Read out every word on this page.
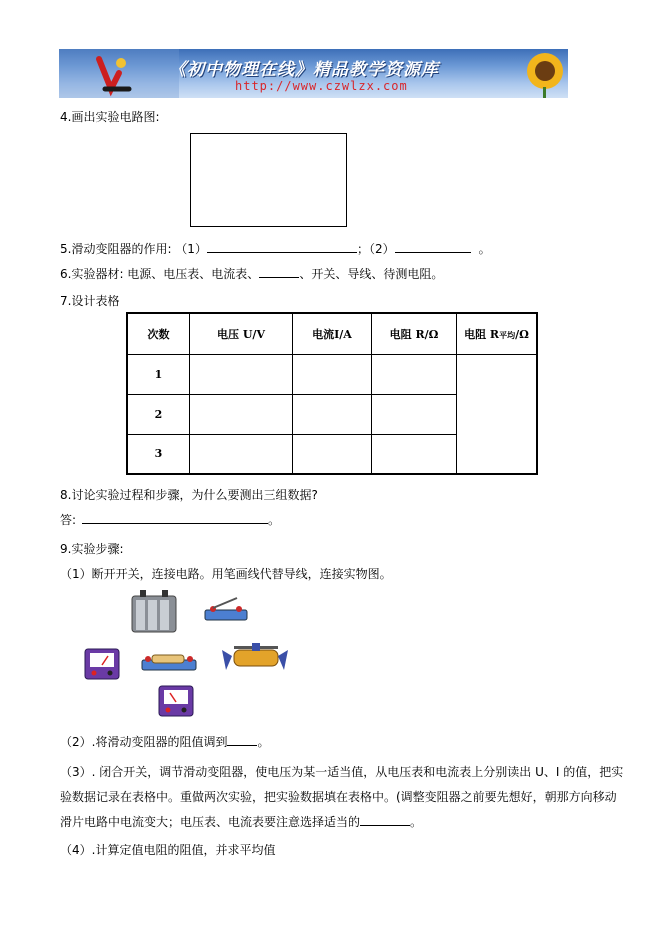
《初中物理在线》精品教学资源库
http://www.czwlzx.com
4.画出实验电路图:
5.滑动变阻器的作用: （1）	；（2）	。
6.实验器材: 电源、电压表、电流表、	、开关、导线、待测电阻。
7.设计表格
次数	电压 U/V	电流I/A	电阻 R/Ω	电阻 R平均/Ω
1				
2				
3				
8.讨论实验过程和步骤，为什么要测出三组数据?
答:	。
9.实验步骤:
（1）断开开关，连接电路。用笔画线代替导线，连接实物图。
（2）.将滑动变阻器的阻值调到	。
（3）. 闭合开关，调节滑动变阻器，使电压为某一适当值，从电压表和电流表上分别读出 U、I 的值，把实
验数据记录在表格中。重做两次实验，把实验数据填在表格中。(调整变阻器之前要先想好，朝那方向移动
滑片电路中电流变大；电压表、电流表要注意选择适当的	。
（4）.计算定值电阻的阻值，并求平均值
